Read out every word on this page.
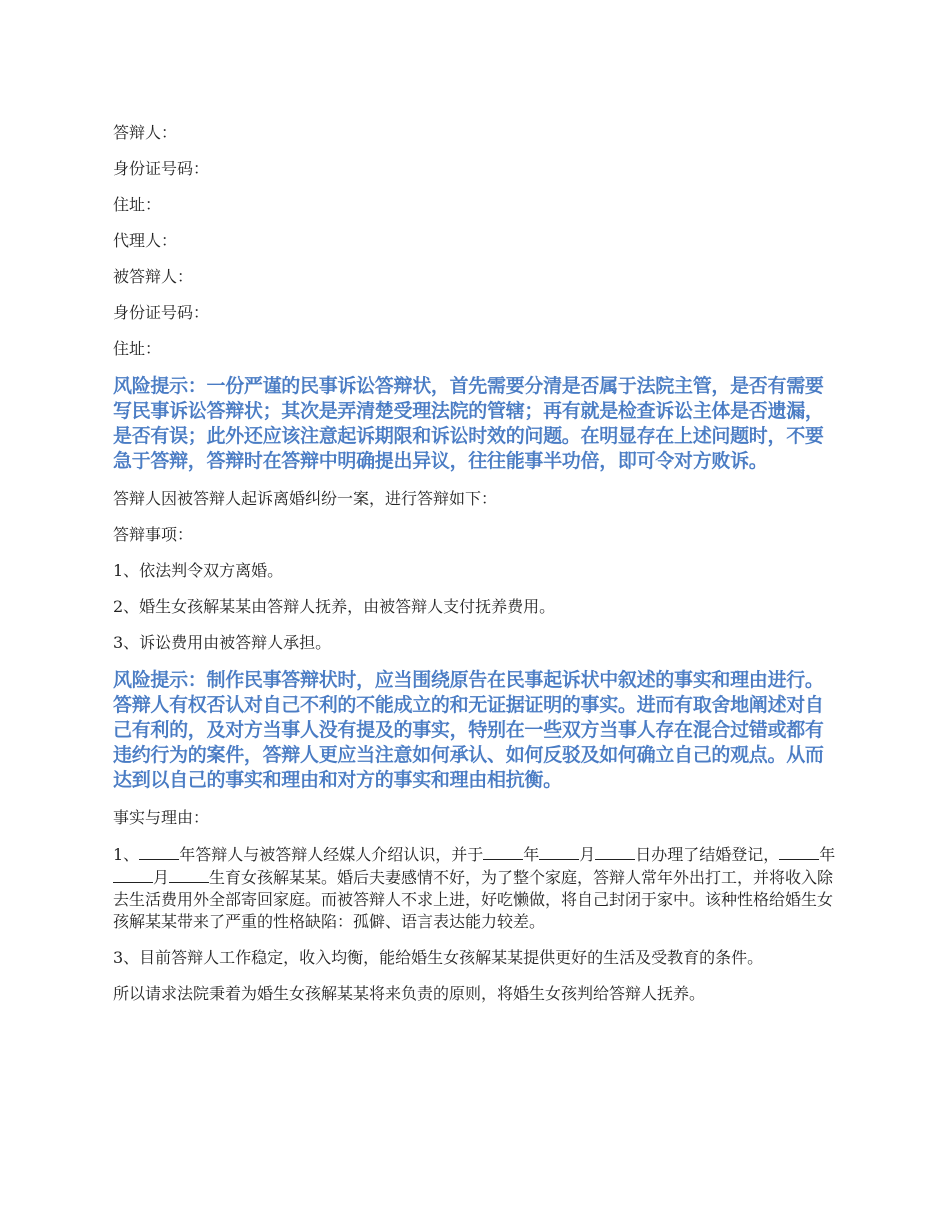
答辩人：
身份证号码：
住址：
代理人：
被答辩人：
身份证号码：
住址：
风险提示：一份严谨的民事诉讼答辩状，首先需要分清是否属于法院主管，是否有需要写民事诉讼答辩状；其次是弄清楚受理法院的管辖；再有就是检查诉讼主体是否遗漏，是否有误；此外还应该注意起诉期限和诉讼时效的问题。在明显存在上述问题时，不要急于答辩，答辩时在答辩中明确提出异议，往往能事半功倍，即可令对方败诉。
答辩人因被答辩人起诉离婚纠纷一案，进行答辩如下：
答辩事项：
1、依法判令双方离婚。
2、婚生女孩解某某由答辩人抚养，由被答辩人支付抚养费用。
3、诉讼费用由被答辩人承担。
风险提示：制作民事答辩状时，应当围绕原告在民事起诉状中叙述的事实和理由进行。答辩人有权否认对自己不利的不能成立的和无证据证明的事实。进而有取舍地阐述对自己有利的，及对方当事人没有提及的事实，特别在一些双方当事人存在混合过错或都有违约行为的案件，答辩人更应当注意如何承认、如何反驳及如何确立自己的观点。从而达到以自己的事实和理由和对方的事实和理由相抗衡。
事实与理由：
1、	年答辩人与被答辩人经媒人介绍认识，并于	年	月	日办理了结婚登记，	年月	生育女孩解某某。婚后夫妻感情不好，为了整个家庭，答辩人常年外出打工，并将收入除去生活费用外全部寄回家庭。而被答辩人不求上进，好吃懒做，将自己封闭于家中。该种性格给婚生女孩解某某带来了严重的性格缺陷：孤僻、语言表达能力较差。
3、目前答辩人工作稳定，收入均衡，能给婚生女孩解某某提供更好的生活及受教育的条件。
所以请求法院秉着为婚生女孩解某某将来负责的原则，将婚生女孩判给答辩人抚养。
